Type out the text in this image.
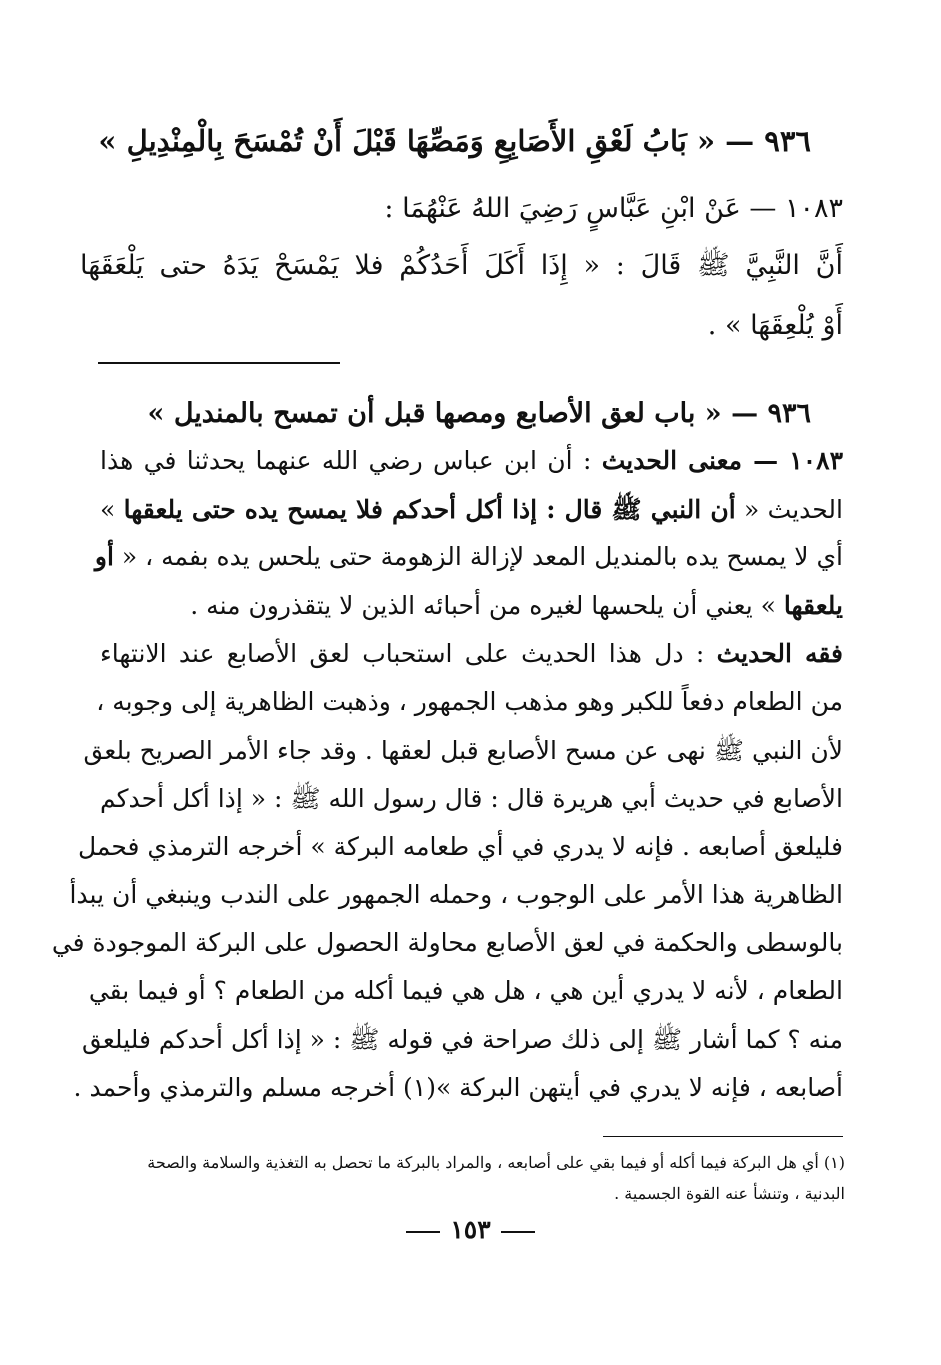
٩٣٦ — « بَابُ لَعْقِ الأَصَابِعِ وَمَصِّهَا قَبْلَ أَنْ تُمْسَحَ بِالْمِنْدِيلِ »
١٠٨٣ — عَنْ ابْنِ عَبَّاسٍ رَضِيَ اللهُ عَنْهُمَا :
أَنَّ النَّبِيَّ ﷺ قَالَ : « إِذَا أَكَلَ أَحَدُكُمْ فلا يَمْسَحْ يَدَهُ حتى يَلْعَقَهَا
أَوْ يُلْعِقَهَا » .
٩٣٦ — « باب لعق الأصابع ومصها قبل أن تمسح بالمنديل »
١٠٨٣ — معنى الحديث : أن ابن عباس رضي الله عنهما يحدثنا في هذا
الحديث « أن النبي ﷺ قال : إذا أكل أحدكم فلا يمسح يده حتى يلعقها »
أي لا يمسح يده بالمنديل المعد لإزالة الزهومة حتى يلحس يده بفمه ، « أو
يلعقها » يعني أن يلحسها لغيره من أحبائه الذين لا يتقذرون منه .
فقه الحديث : دل هذا الحديث على استحباب لعق الأصابع عند الانتهاء
من الطعام دفعاً للكبر وهو مذهب الجمهور ، وذهبت الظاهرية إلى وجوبه ،
لأن النبي ﷺ نهى عن مسح الأصابع قبل لعقها . وقد جاء الأمر الصريح بلعق
الأصابع في حديث أبي هريرة قال : قال رسول الله ﷺ : « إذا أكل أحدكم
فليلعق أصابعه . فإنه لا يدري في أي طعامه البركة » أخرجه الترمذي فحمل
الظاهرية هذا الأمر على الوجوب ، وحمله الجمهور على الندب وينبغي أن يبدأ
بالوسطى والحكمة في لعق الأصابع محاولة الحصول على البركة الموجودة في
الطعام ، لأنه لا يدري أين هي ، هل هي فيما أكله من الطعام ؟ أو فيما بقي
منه ؟ كما أشار ﷺ إلى ذلك صراحة في قوله ﷺ : « إذا أكل أحدكم فليلعق
أصابعه ، فإنه لا يدري في أيتهن البركة »(١) أخرجه مسلم والترمذي وأحمد .
(١) أي هل البركة فيما أكله أو فيما بقي على أصابعه ، والمراد بالبركة ما تحصل به التغذية والسلامة والصحة
البدنية ، وتنشأ عنه القوة الجسمية .
١٥٣
